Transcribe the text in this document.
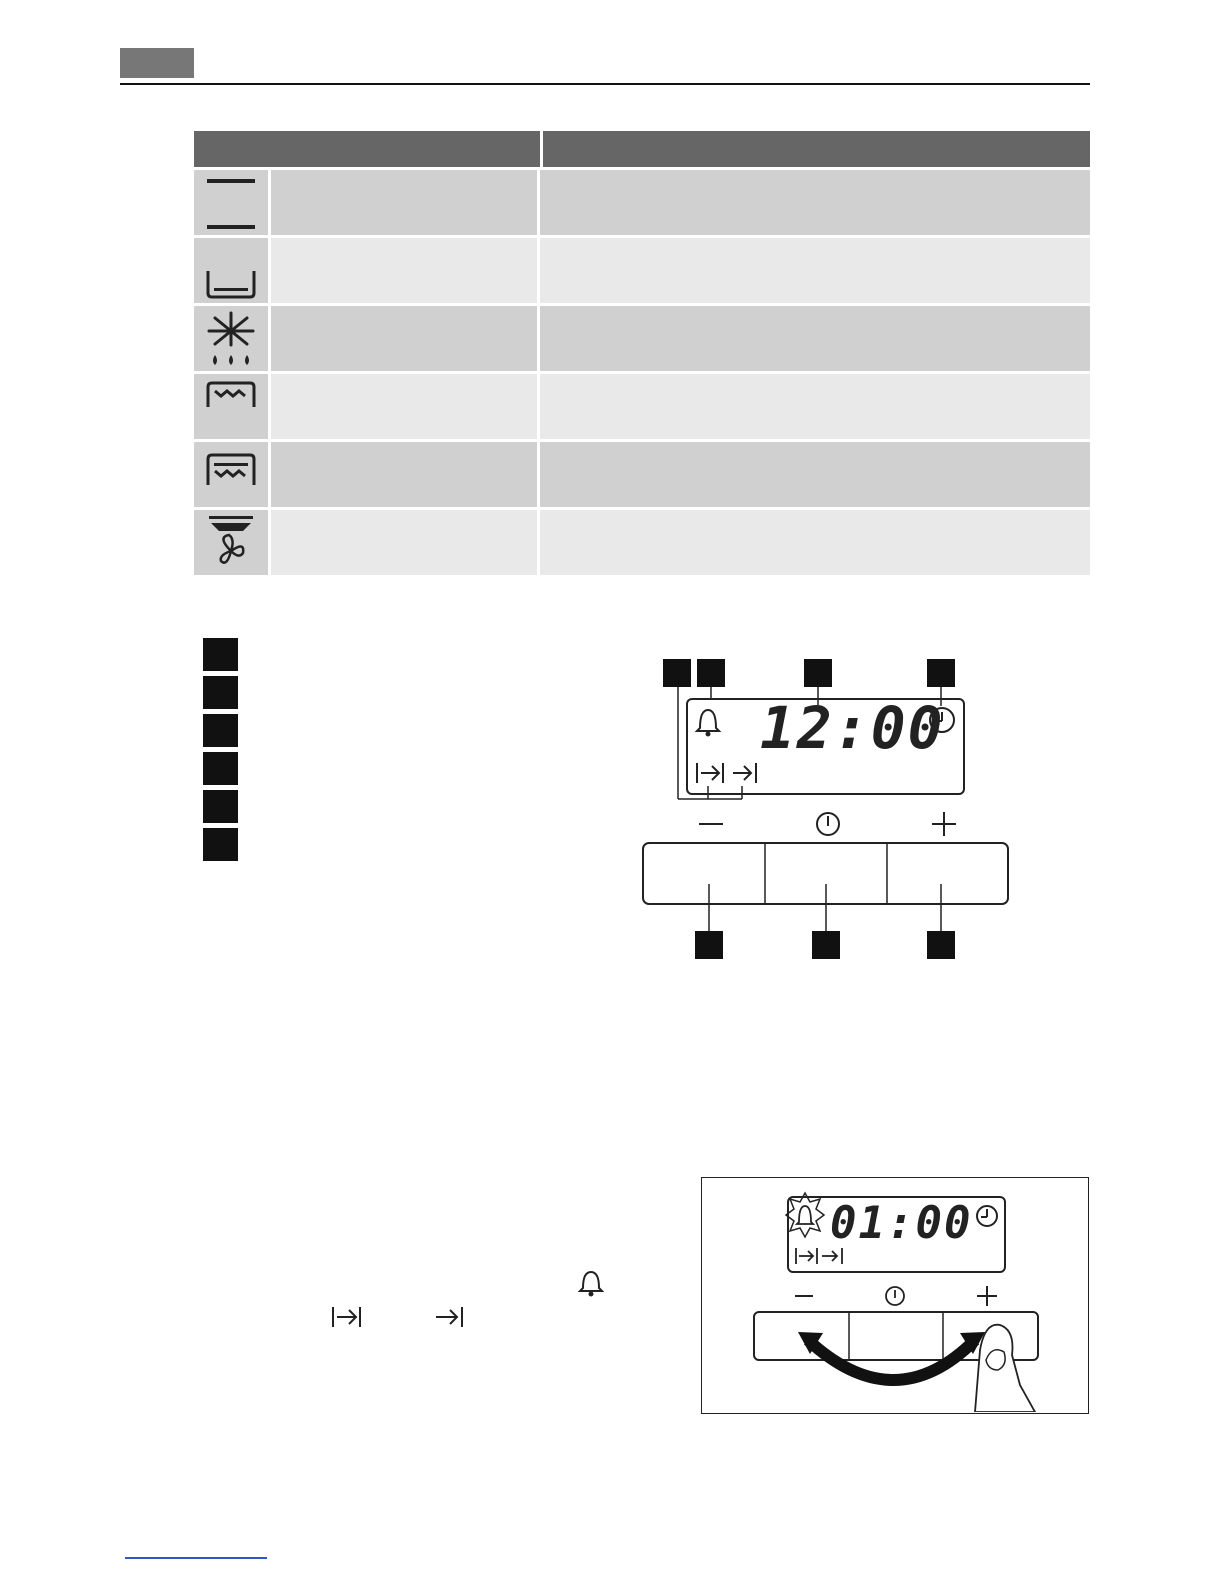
12:00
01:00
